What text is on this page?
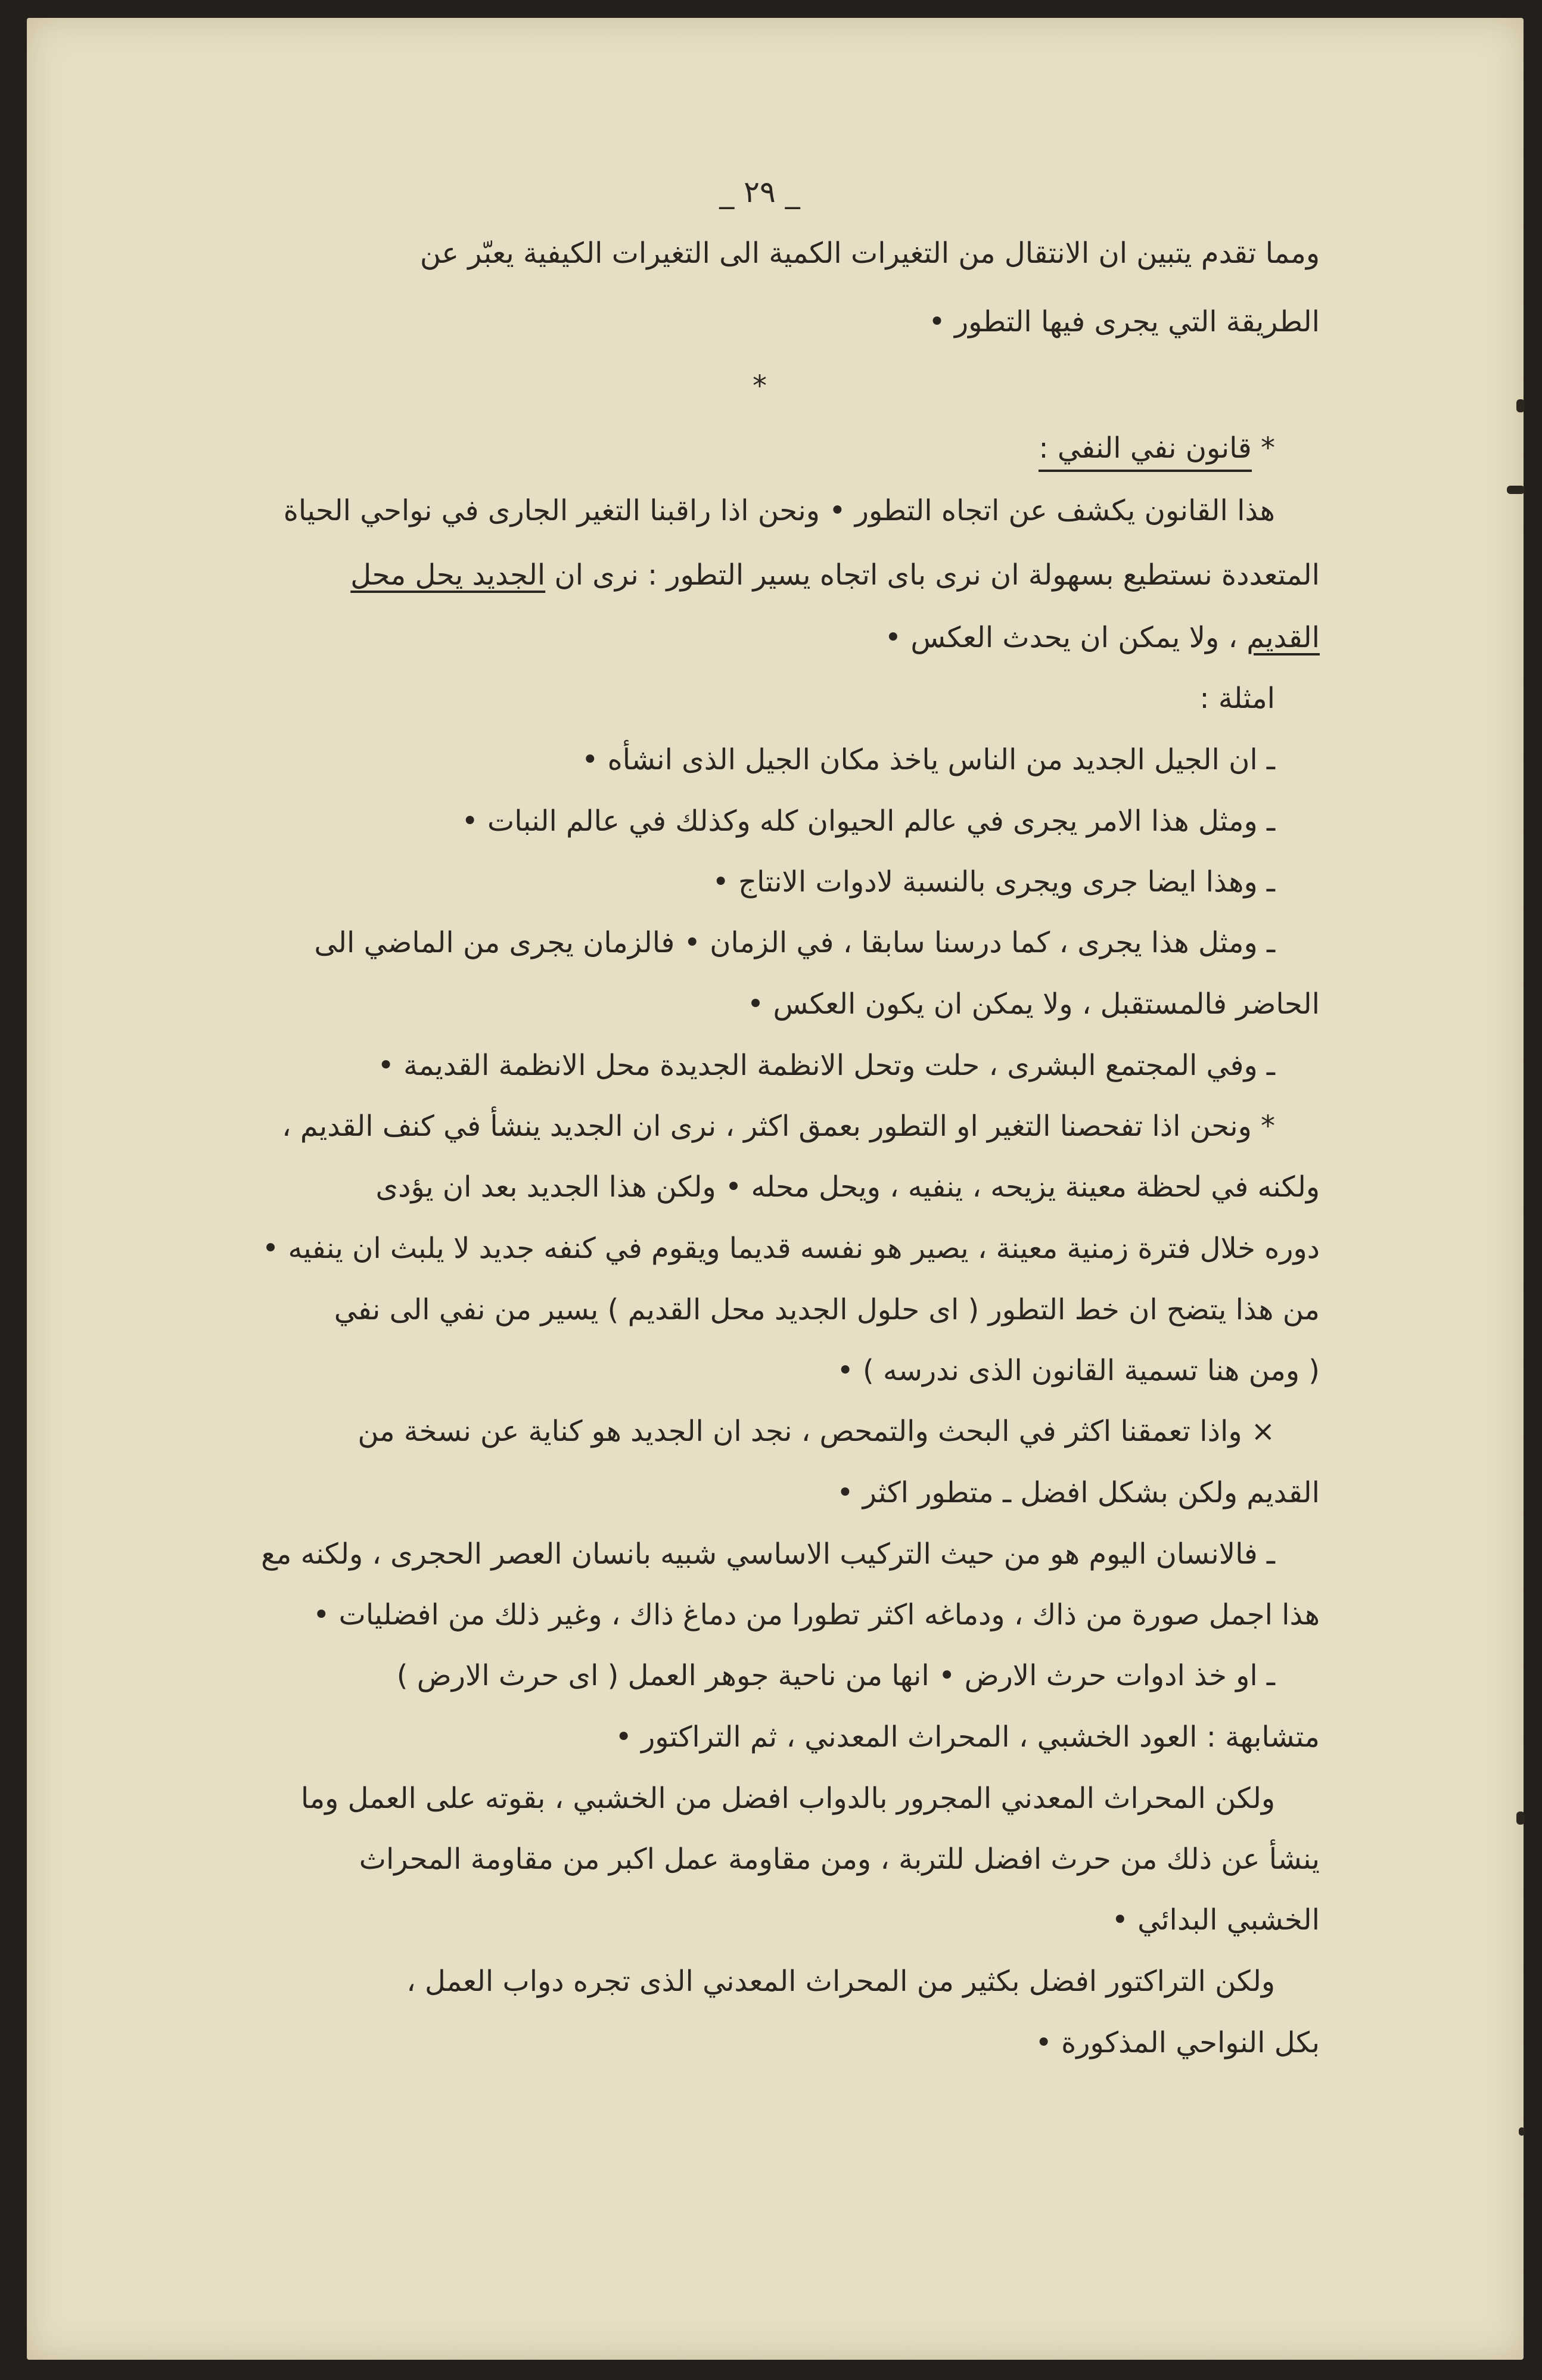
_ ٢٩ _
ومما تقدم يتبين ان الانتقال من التغيرات الكمية الى التغيرات الكيفية يعبّر عن
الطريقة التي يجرى فيها التطور •
*
* قانون نفي النفي :
هذا القانون يكشف عن اتجاه التطور • ونحن اذا راقبنا التغير الجارى في نواحي الحياة
المتعددة نستطيع بسهولة ان نرى باى اتجاه يسير التطور : نرى ان الجديد يحل محل
القديم ، ولا يمكن ان يحدث العكس •
امثلة :
ـ ان الجيل الجديد من الناس ياخذ مكان الجيل الذى انشأه •
ـ ومثل هذا الامر يجرى في عالم الحيوان كله وكذلك في عالم النبات •
ـ وهذا ايضا جرى ويجرى بالنسبة لادوات الانتاج •
ـ ومثل هذا يجرى ، كما درسنا سابقا ، في الزمان • فالزمان يجرى من الماضي الى
الحاضر فالمستقبل ، ولا يمكن ان يكون العكس •
ـ وفي المجتمع البشرى ، حلت وتحل الانظمة الجديدة محل الانظمة القديمة •
* ونحن اذا تفحصنا التغير او التطور بعمق اكثر ، نرى ان الجديد ينشأ في كنف القديم ،
ولكنه في لحظة معينة يزيحه ، ينفيه ، ويحل محله • ولكن هذا الجديد بعد ان يؤدى
دوره خلال فترة زمنية معينة ، يصير هو نفسه قديما ويقوم في كنفه جديد لا يلبث ان ينفيه •
من هذا يتضح ان خط التطور ( اى حلول الجديد محل القديم ) يسير من نفي الى نفي
( ومن هنا تسمية القانون الذى ندرسه ) •
× واذا تعمقنا اكثر في البحث والتمحص ، نجد ان الجديد هو كناية عن نسخة من
القديم ولكن بشكل افضل ـ متطور اكثر •
ـ فالانسان اليوم هو من حيث التركيب الاساسي شبيه بانسان العصر الحجرى ، ولكنه مع
هذا اجمل صورة من ذاك ، ودماغه اكثر تطورا من دماغ ذاك ، وغير ذلك من افضليات •
ـ او خذ ادوات حرث الارض • انها من ناحية جوهر العمل ( اى حرث الارض )
متشابهة : العود الخشبي ، المحراث المعدني ، ثم التراكتور •
ولكن المحراث المعدني المجرور بالدواب افضل من الخشبي ، بقوته على العمل وما
ينشأ عن ذلك من حرث افضل للتربة ، ومن مقاومة عمل اكبر من مقاومة المحراث
الخشبي البدائي •
ولكن التراكتور افضل بكثير من المحراث المعدني الذى تجره دواب العمل ،
بكل النواحي المذكورة •
